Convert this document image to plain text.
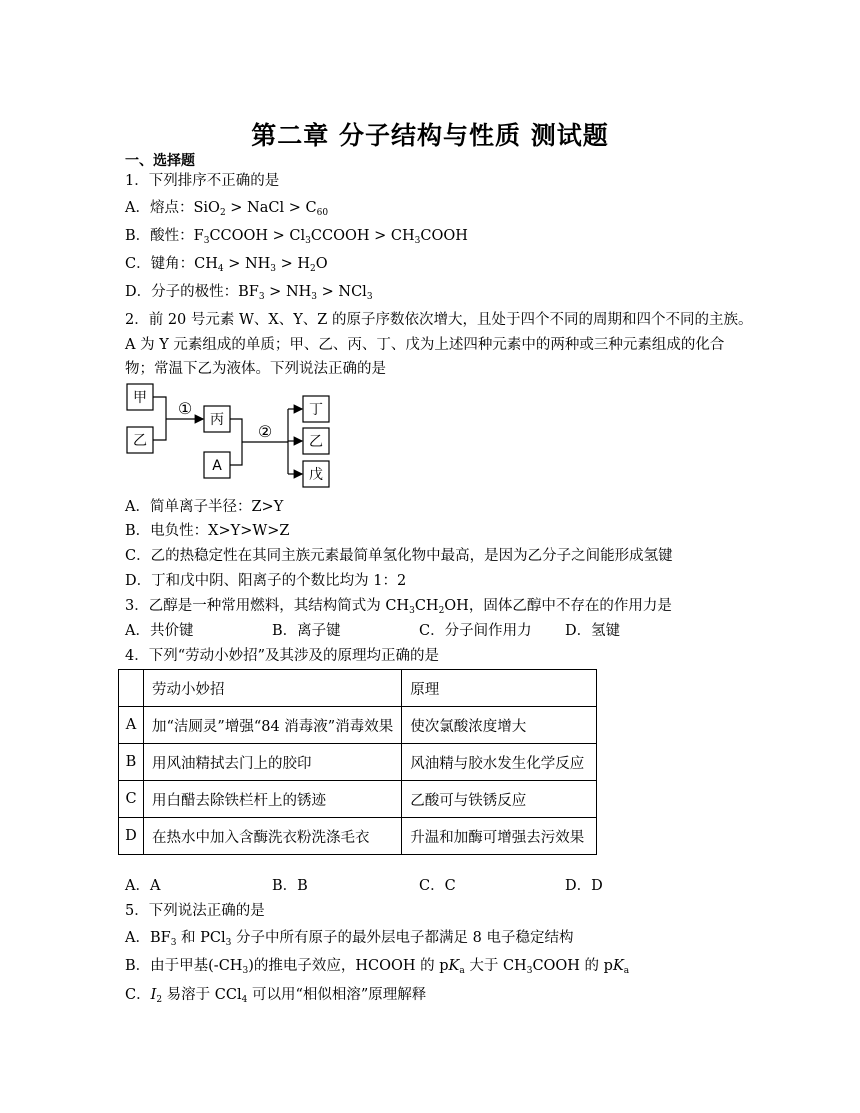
第二章 分子结构与性质 测试题
一、选择题
1．下列排序不正确的是
A．熔点：SiO$_2$ > NaCl > $C_{60}$
B．酸性：$F_3CCOOH$ > $Cl_3CCOOH$ > $CH_3COOH$
C．键角：$CH_4 > NH_3 > H_2O$
D．分子的极性：$BF_3 > NH_3 > NCl_3$
2．前 20 号元素 W、X、Y、Z 的原子序数依次增大，且处于四个不同的周期和四个不同的主族。
A 为 Y 元素组成的单质；甲、乙、丙、丁、戊为上述四种元素中的两种或三种元素组成的化合
物；常温下乙为液体。下列说法正确的是
甲
乙
丙
A
丁
乙
戊
①
②
A．简单离子半径：Z>Y
B．电负性：X>Y>W>Z
C．乙的热稳定性在其同主族元素最简单氢化物中最高，是因为乙分子之间能形成氢键
D．丁和戊中阴、阳离子的个数比均为 1：2
3．乙醇是一种常用燃料，其结构简式为 $CH_3CH_2OH$，固体乙醇中不存在的作用力是
A．共价键	B．离子键	C．分子间作用力 D．氢键
4．下列“劳动小妙招”及其涉及的原理均正确的是
	劳动小妙招	原理
A	加“洁厕灵”增强“84 消毒液”消毒效果	使次氯酸浓度增大
B	用风油精拭去门上的胶印	风油精与胶水发生化学反应
C	用白醋去除铁栏杆上的锈迹	乙酸可与铁锈反应
D	在热水中加入含酶洗衣粉洗涤毛衣	升温和加酶可增强去污效果
A．A	B．B	C．C	D．D
5．下列说法正确的是
A．$BF_3$ 和 PCl$_3$ 分子中所有原子的最外层电子都满足 8 电子稳定结构
B．由于甲基$(-CH_3)$的推电子效应，HCOOH 的 $pK_a$ 大于 $CH_3COOH$ 的 $pK_a$
C．$I_2$ 易溶于 CCl$_4$ 可以用“相似相溶”原理解释
